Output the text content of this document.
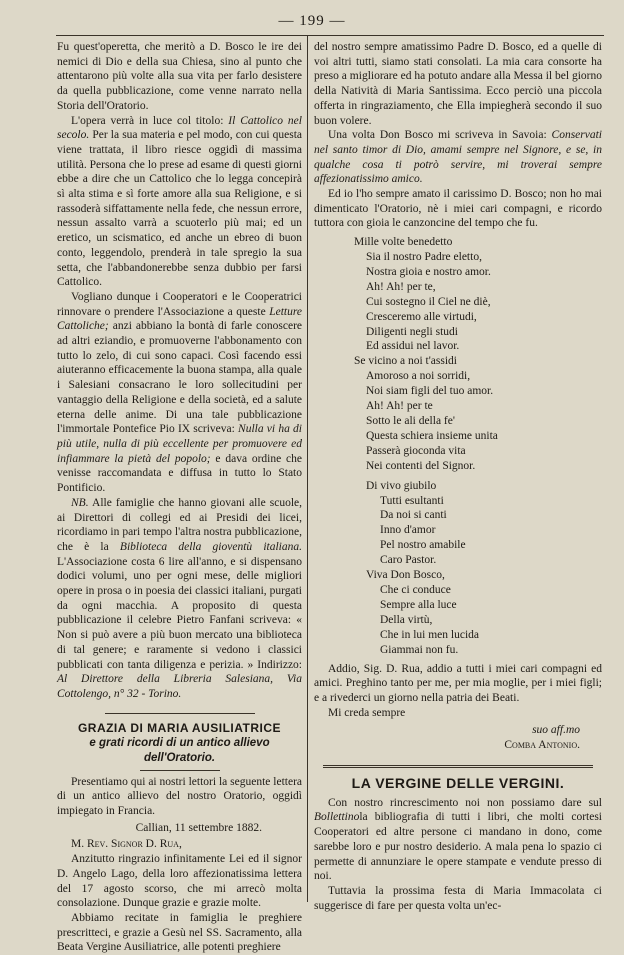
— 199 —

Fu quest'operetta, che meritò a D. Bosco le ire dei nemici di Dio e della sua Chiesa, sino al punto che attentarono più volte alla sua vita per farlo desistere da quella pubblicazione, come venne narrato nella Storia dell'Oratorio.

L'opera verrà in luce col titolo: Il Cattolico nel secolo. Per la sua materia e pel modo, con cui questa viene trattata, il libro riesce oggidì di massima utilità. Persona che lo prese ad esame di questi giorni ebbe a dire che un Cattolico che lo legga concepirà sì alta stima e sì forte amore alla sua Religione, e si rassoderà siffattamente nella fede, che nessun errore, nessun assalto varrà a scuoterlo più mai; ed un eretico, un scismatico, ed anche un ebreo di buon conto, leggendolo, prenderà in tale spregio la sua setta, che l'abbandonerebbe senza dubbio per farsi Cattolico.

Vogliano dunque i Cooperatori e le Cooperatrici rinnovare o prendere l'Associazione a queste Letture Cattoliche; anzi abbiano la bontà di farle conoscere ad altri eziandio, e promuoverne l'abbonamento con tutto lo zelo, di cui sono capaci. Così facendo essi aiuteranno efficacemente la buona stampa, alla quale i Salesiani consacrano le loro sollecitudini per vantaggio della Religione e della società, ed a salute eterna delle anime. Di una tale pubblicazione l'immortale Pontefice Pio IX scriveva: Nulla vi ha di più utile, nulla di più eccellente per promuovere ed infiammare la pietà del popolo; e dava ordine che venisse raccomandata e diffusa in tutto lo Stato Pontificio.

NB. Alle famiglie che hanno giovani alle scuole, ai Direttori di collegi ed ai Presidi dei licei, ricordiamo in pari tempo l'altra nostra pubblicazione, che è la Biblioteca della gioventù italiana. L'Associazione costa 6 lire all'anno, e si dispensano dodici volumi, uno per ogni mese, delle migliori opere in prosa o in poesia dei classici italiani, purgati da ogni macchia. A proposito di questa pubblicazione il celebre Pietro Fanfani scriveva: « Non si può avere a più buon mercato una biblioteca di tal genere; e raramente si vedono i classici pubblicati con tanta diligenza e perizia. » Indirizzo: Al Direttore della Libreria Salesiana, Via Cottolengo, n° 32 - Torino.

GRAZIA DI MARIA AUSILIATRICE
e grati ricordi di un antico allievo dell'Oratorio.

Presentiamo qui ai nostri lettori la seguente lettera di un antico allievo del nostro Oratorio, oggidì impiegato in Francia.

Callian, 11 settembre 1882.

M. Rev. Signor D. Rua,

Anzitutto ringrazio infinitamente Lei ed il signor D. Angelo Lago, della loro affezionatissima lettera del 17 agosto scorso, che mi arrecò molta consolazione. Dunque grazie e grazie molte.

Abbiamo recitate in famiglia le preghiere prescritteci, e grazie a Gesù nel SS. Sacramento, alla Beata Vergine Ausiliatrice, alle potenti preghiere

del nostro sempre amatissimo Padre D. Bosco, ed a quelle di voi altri tutti, siamo stati consolati. La mia cara consorte ha preso a migliorare ed ha potuto andare alla Messa il bel giorno della Natività di Maria Santissima. Ecco perciò una piccola offerta in ringraziamento, che Ella impiegherà secondo il suo buon volere.

Una volta Don Bosco mi scriveva in Savoia: Conservati nel santo timor di Dio, amami sempre nel Signore, e se, in qualche cosa ti potrò servire, mi troverai sempre affezionatissimo amico.

Ed io l'ho sempre amato il carissimo D. Bosco; non ho mai dimenticato l'Oratorio, nè i miei cari compagni, e ricordo tuttora con gioia le canzoncine del tempo che fu.

Mille volte benedetto
Sia il nostro Padre eletto,
Nostra gioia e nostro amor.
Ah! Ah! per te,
Cui sostegno il Ciel ne diè,
Cresceremo alle virtudi,
Diligenti negli studi
Ed assidui nel lavor.
Se vicino a noi t'assidi
Amoroso a noi sorridi,
Noi siam figli del tuo amor.
Ah! Ah! per te
Sotto le ali della fe'
Questa schiera insieme unita
Passerà gioconda vita
Nei contenti del Signor.

Di vivo giubilo
Tutti esultanti
Da noi si canti
Inno d'amor
Pel nostro amabile
Caro Pastor.
Viva Don Bosco,
Che ci conduce
Sempre alla luce
Della virtù,
Che in lui men lucida
Giammai non fu.

Addio, Sig. D. Rua, addio a tutti i miei cari compagni ed amici. Preghino tanto per me, per mia moglie, per i miei figli; e a rivederci un giorno nella patria dei Beati.

Mi creda sempre

suo aff.mo
Comba Antonio.
LA VERGINE DELLE VERGINI.

Con nostro rincrescimento noi non possiamo dare sul Bollettinola bibliografia di tutti i libri, che molti cortesi Cooperatori ed altre persone ci mandano in dono, come sarebbe loro e pur nostro desiderio. A mala pena lo spazio ci permette di annunziare le opere stampate e vendute presso di noi.

Tuttavia la prossima festa di Maria Immacolata ci suggerisce di fare per questa volta un'ec-
